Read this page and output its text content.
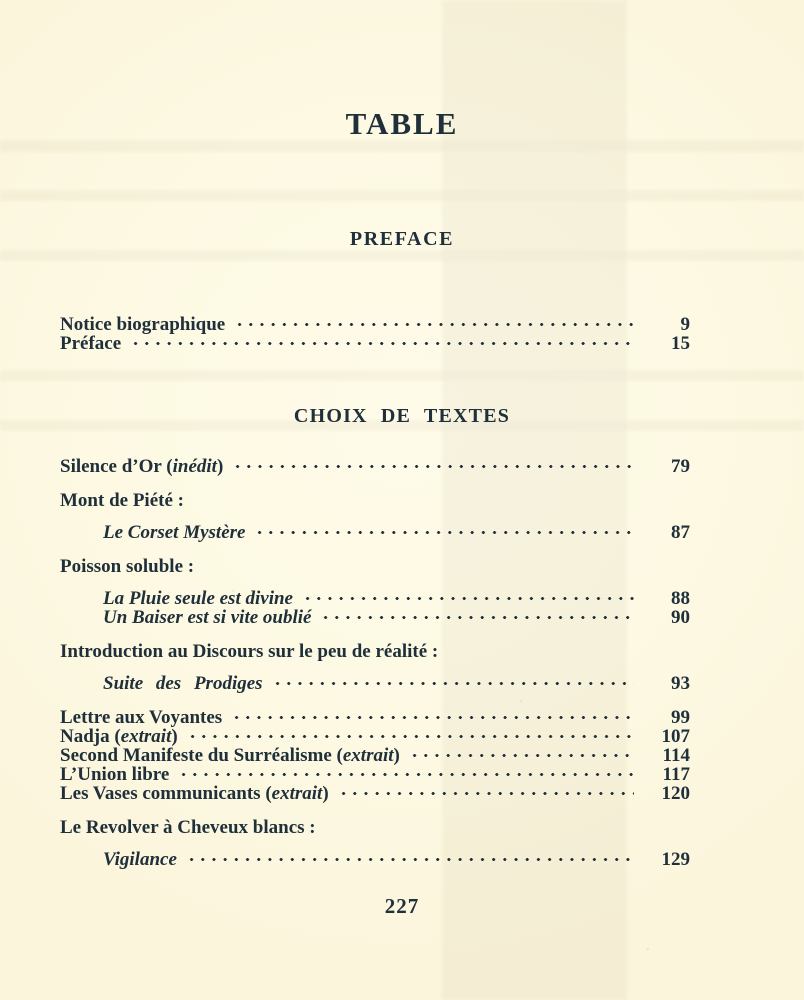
TABLE
PREFACE
Notice biographique	9
Préface	15
CHOIX DE TEXTES
Silence d’Or (inédit)	79
Mont de Piété :
Le Corset Mystère	87
Poisson soluble :
La Pluie seule est divine	88
Un Baiser est si vite oublié	90
Introduction au Discours sur le peu de réalité :
Suite des Prodiges	93
Lettre aux Voyantes	99
Nadja (extrait)	107
Second Manifeste du Surréalisme (extrait)	114
L’Union libre	117
Les Vases communicants (extrait)	120
Le Revolver à Cheveux blancs :
Vigilance	129
227
